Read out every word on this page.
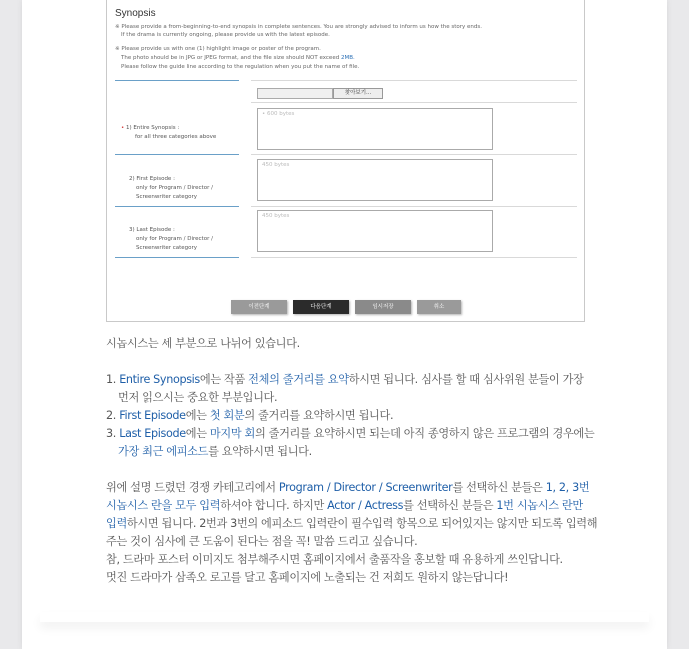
Synopsis
※ Please provide a from-beginning-to-end synopsis in complete sentences. You are strongly advised to inform us how the story ends.
If the drama is currently ongoing, please provide us with the latest episode.
※ Please provide us with one (1) highlight image or poster of the program.
The photo should be in JPG or JPEG format, and the file size should NOT exceed 2MB.
Please follow the guide line according to the regulation when you put the name of file.
찾아보기...
• 1) Entire Synopsis :
for all three categories above
• 600 bytes
2) First Episode :
only for Program / Director /
Screenwriter category
450 bytes
3) Last Episode :
only for Program / Director /
Screenwriter category
450 bytes
이전단계	다음단계	임시저장	취소
시놉시스는 세 부분으로 나뉘어 있습니다.
1. Entire Synopsis에는 작품 전체의 줄거리를 요약하시면 됩니다. 심사를 할 때 심사위원 분들이 가장
먼저 읽으시는 중요한 부분입니다.
2. First Episode에는 첫 회분의 줄거리를 요약하시면 됩니다.
3. Last Episode에는 마지막 회의 줄거리를 요약하시면 되는데 아직 종영하지 않은 프로그램의 경우에는
가장 최근 에피소드를 요약하시면 됩니다.
위에 설명 드렸던 경쟁 카테고리에서 Program / Director / Screenwriter를 선택하신 분들은 1, 2, 3번
시놉시스 란을 모두 입력하셔야 합니다. 하지만 Actor / Actress를 선택하신 분들은 1번 시놉시스 란만
입력하시면 됩니다. 2번과 3번의 에피소드 입력란이 필수입력 항목으로 되어있지는 않지만 되도록 입력해
주는 것이 심사에 큰 도움이 된다는 점을 꼭! 말씀 드리고 싶습니다.
참, 드라마 포스터 이미지도 첨부해주시면 홈페이지에서 출품작을 홍보할 때 유용하게 쓰인답니다.
멋진 드라마가 삼족오 로고를 달고 홈페이지에 노출되는 건 저희도 원하지 않는답니다!
